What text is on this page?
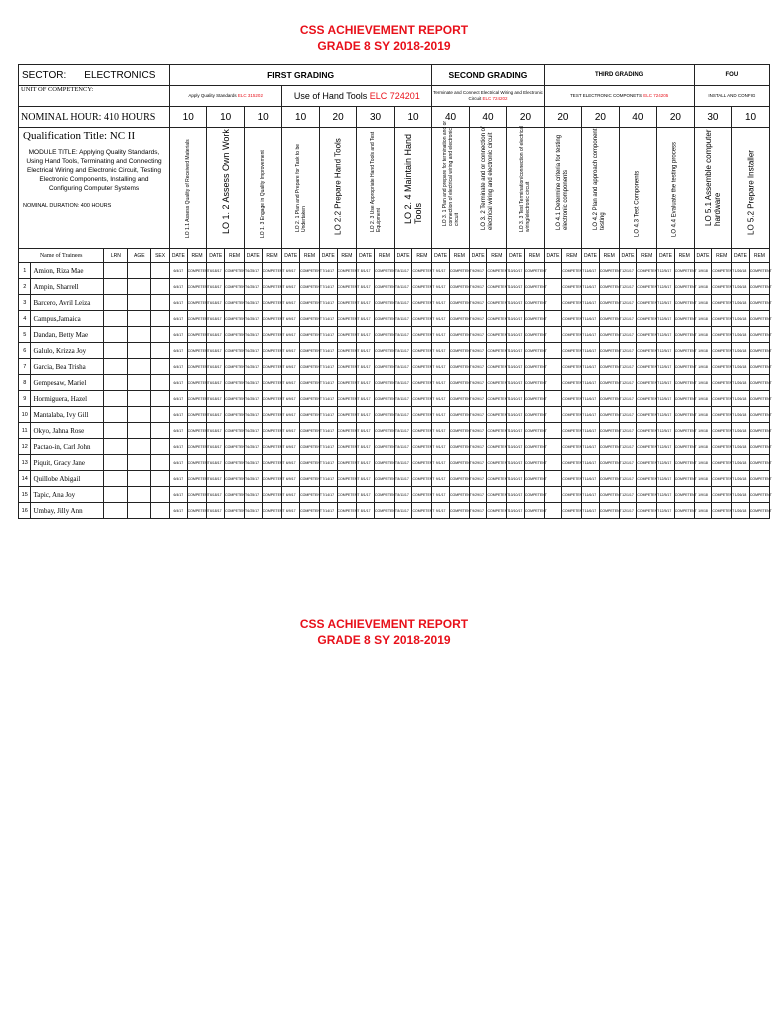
CSS ACHIEVEMENT REPORT
GRADE 8 SY 2018-2019
SECTOR: ELECTRONICS					FIRST GRADING														SECOND GRADING						THIRD GRADING								FOU			
UNIT OF COMPETENCY:					Apply Quality Standards ELC 315202						Use of Hand Tools ELC 724201								Terminate and Connect Electrical Wiring and Electronic Circuit ELC 724202						TEST ELECTRONIC COMPONETS ELC 724205								INSTALL AND CONFIG			
NOMINAL HOUR: 410 HOURS					10		10		10		10		20		30		10		40		40		20		20		20		40		20		30		10	

Qualification Title: NC II
MODULE TITLE: Applying Quality Standards, Using Hand Tools, Terminating and Connecting Electrical Wiring and Electronic Circuit, Testing Electronic Components, Installing and Configuring Computer Systems
NOMINAL DURATION: 400 HOURS					LO 1.1 Assess Quality of Received Materials		LO 1. 2 Assess Own Work		LO 1. 3 Engage in Quality Improvement		LO 2. 1 Plan and Prepare for Task to be Undertaken		LO 2.2 Prepare Hand Tools		LO 2. 3 Use Appropriate Hand Tools and Test Equipment		LO 2. 4 Maintain Hand Tools		LO 3. 1 Plan and prepare for termination and or connection of electrical wiring and electronic circuit		LO 3. 2 Terminate and or connection of electrical wiring and electronic circuit		LO 3. 3 Test Termination/connection of electrical wiring/electronic circuit		LO 4.1 Determine criteria for testing electronic components		LO 4.2 Plan and approach component testing		LO 4.3 Test Components		LO 4.4 Evaluate the testing process		LO 5.1 Assemble computer hardware		LO 5.2 Prepare Installer	

Name of Trainees		LRN	AGE	SEX	DATE	REM	DATE	REM	DATE	REM	DATE	REM	DATE	REM	DATE	REM	DATE	REM	DATE	REM	DATE	REM	DATE	REM	DATE	REM	DATE	REM	DATE	REM	DATE	REM	DATE	REM	DATE	REM
1	Amion, Riza Mae				6/4/17	COMPETENT	6/18/17	COMPETENT	6/25/17	COMPETENT	6/9/17	COMPETENT	7/14/17	COMPETENT	8/1/17	COMPETENT	8/11/17	COMPETENT	9/1/17	COMPETENT	9/29/17	COMPETENT	10/10/17	COMPETENT		COMPETENT	11/6/17	COMPETENT	12/1/17	COMPETENT	12/5/17	COMPETENT	1/9/18	COMPETENT	1/26/18	COMPETENT
2	Ampin, Sharrell				6/4/17	COMPETENT	6/18/17	COMPETENT	6/25/17	COMPETENT	6/9/17	COMPETENT	7/14/17	COMPETENT	8/1/17	COMPETENT	8/11/17	COMPETENT	9/1/17	COMPETENT	9/29/17	COMPETENT	10/10/17	COMPETENT		COMPETENT	11/6/17	COMPETENT	12/1/17	COMPETENT	12/5/17	COMPETENT	1/9/18	COMPETENT	1/26/18	COMPETENT
3	Barcero, Avril Leiza				6/4/17	COMPETENT	6/18/17	COMPETENT	6/25/17	COMPETENT	6/9/17	COMPETENT	7/14/17	COMPETENT	8/1/17	COMPETENT	8/11/17	COMPETENT	9/1/17	COMPETENT	9/29/17	COMPETENT	10/10/17	COMPETENT		COMPETENT	11/6/17	COMPETENT	12/1/17	COMPETENT	12/5/17	COMPETENT	1/9/18	COMPETENT	1/26/18	COMPETENT
4	Campus,Jamaica				6/4/17	COMPETENT	6/18/17	COMPETENT	6/25/17	COMPETENT	6/9/17	COMPETENT	7/14/17	COMPETENT	8/1/17	COMPETENT	8/11/17	COMPETENT	9/1/17	COMPETENT	9/29/17	COMPETENT	10/10/17	COMPETENT		COMPETENT	11/6/17	COMPETENT	12/1/17	COMPETENT	12/5/17	COMPETENT	1/9/18	COMPETENT	1/26/18	COMPETENT
5	Dandan, Betty Mae				6/4/17	COMPETENT	6/18/17	COMPETENT	6/25/17	COMPETENT	6/9/17	COMPETENT	7/14/17	COMPETENT	8/1/17	COMPETENT	8/11/17	COMPETENT	9/1/17	COMPETENT	9/29/17	COMPETENT	10/10/17	COMPETENT		COMPETENT	11/6/17	COMPETENT	12/1/17	COMPETENT	12/5/17	COMPETENT	1/9/18	COMPETENT	1/26/18	COMPETENT
6	Galulo, Krizza Joy				6/4/17	COMPETENT	6/18/17	COMPETENT	6/25/17	COMPETENT	6/9/17	COMPETENT	7/14/17	COMPETENT	8/1/17	COMPETENT	8/11/17	COMPETENT	9/1/17	COMPETENT	9/29/17	COMPETENT	10/10/17	COMPETENT		COMPETENT	11/6/17	COMPETENT	12/1/17	COMPETENT	12/5/17	COMPETENT	1/9/18	COMPETENT	1/26/18	COMPETENT
7	Garcia, Bea Trisha				6/4/17	COMPETENT	6/18/17	COMPETENT	6/25/17	COMPETENT	6/9/17	COMPETENT	7/14/17	COMPETENT	8/1/17	COMPETENT	8/11/17	COMPETENT	9/1/17	COMPETENT	9/29/17	COMPETENT	10/10/17	COMPETENT		COMPETENT	11/6/17	COMPETENT	12/1/17	COMPETENT	12/5/17	COMPETENT	1/9/18	COMPETENT	1/26/18	COMPETENT
8	Gempesaw, Mariel				6/4/17	COMPETENT	6/18/17	COMPETENT	6/25/17	COMPETENT	6/9/17	COMPETENT	7/14/17	COMPETENT	8/1/17	COMPETENT	8/11/17	COMPETENT	9/1/17	COMPETENT	9/29/17	COMPETENT	10/10/17	COMPETENT		COMPETENT	11/6/17	COMPETENT	12/1/17	COMPETENT	12/5/17	COMPETENT	1/9/18	COMPETENT	1/26/18	COMPETENT
9	Hormiguera, Hazel				6/4/17	COMPETENT	6/18/17	COMPETENT	6/25/17	COMPETENT	6/9/17	COMPETENT	7/14/17	COMPETENT	8/1/17	COMPETENT	8/11/17	COMPETENT	9/1/17	COMPETENT	9/29/17	COMPETENT	10/10/17	COMPETENT		COMPETENT	11/6/17	COMPETENT	12/1/17	COMPETENT	12/5/17	COMPETENT	1/9/18	COMPETENT	1/26/18	COMPETENT
10	Mantalaba, Ivy Gill				6/4/17	COMPETENT	6/18/17	COMPETENT	6/25/17	COMPETENT	6/9/17	COMPETENT	7/14/17	COMPETENT	8/1/17	COMPETENT	8/11/17	COMPETENT	9/1/17	COMPETENT	9/29/17	COMPETENT	10/10/17	COMPETENT		COMPETENT	11/6/17	COMPETENT	12/1/17	COMPETENT	12/5/17	COMPETENT	1/9/18	COMPETENT	1/26/18	COMPETENT
11	Okyo, Jahna Rose				6/4/17	COMPETENT	6/18/17	COMPETENT	6/25/17	COMPETENT	6/9/17	COMPETENT	7/14/17	COMPETENT	8/1/17	COMPETENT	8/11/17	COMPETENT	9/1/17	COMPETENT	9/29/17	COMPETENT	10/10/17	COMPETENT		COMPETENT	11/6/17	COMPETENT	12/1/17	COMPETENT	12/5/17	COMPETENT	1/9/18	COMPETENT	1/26/18	COMPETENT
12	Pactao-in, Carl John				6/4/17	COMPETENT	6/18/17	COMPETENT	6/25/17	COMPETENT	6/9/17	COMPETENT	7/14/17	COMPETENT	8/1/17	COMPETENT	8/11/17	COMPETENT	9/1/17	COMPETENT	9/29/17	COMPETENT	10/10/17	COMPETENT		COMPETENT	11/6/17	COMPETENT	12/1/17	COMPETENT	12/5/17	COMPETENT	1/9/18	COMPETENT	1/26/18	COMPETENT
13	Piquit, Gracy Jane				6/4/17	COMPETENT	6/18/17	COMPETENT	6/25/17	COMPETENT	6/9/17	COMPETENT	7/14/17	COMPETENT	8/1/17	COMPETENT	8/11/17	COMPETENT	9/1/17	COMPETENT	9/29/17	COMPETENT	10/10/17	COMPETENT		COMPETENT	11/6/17	COMPETENT	12/1/17	COMPETENT	12/5/17	COMPETENT	1/9/18	COMPETENT	1/26/18	COMPETENT
14	Quillobe Abigail				6/4/17	COMPETENT	6/18/17	COMPETENT	6/25/17	COMPETENT	6/9/17	COMPETENT	7/14/17	COMPETENT	8/1/17	COMPETENT	8/11/17	COMPETENT	9/1/17	COMPETENT	9/29/17	COMPETENT	10/10/17	COMPETENT		COMPETENT	11/6/17	COMPETENT	12/1/17	COMPETENT	12/5/17	COMPETENT	1/9/18	COMPETENT	1/26/18	COMPETENT
15	Tapic, Ana Joy				6/4/17	COMPETENT	6/18/17	COMPETENT	6/25/17	COMPETENT	6/9/17	COMPETENT	7/14/17	COMPETENT	8/1/17	COMPETENT	8/11/17	COMPETENT	9/1/17	COMPETENT	9/29/17	COMPETENT	10/10/17	COMPETENT		COMPETENT	11/6/17	COMPETENT	12/1/17	COMPETENT	12/5/17	COMPETENT	1/9/18	COMPETENT	1/26/18	COMPETENT
16	Umbay, Jilly Ann				6/4/17	COMPETENT	6/18/17	COMPETENT	6/25/17	COMPETENT	6/9/17	COMPETENT	7/14/17	COMPETENT	8/1/17	COMPETENT	8/11/17	COMPETENT	9/1/17	COMPETENT	9/29/17	COMPETENT	10/10/17	COMPETENT		COMPETENT	11/6/17	COMPETENT	12/1/17	COMPETENT	12/5/17	COMPETENT	1/9/18	COMPETENT	1/26/18	COMPETENT
CSS ACHIEVEMENT REPORT
GRADE 8 SY 2018-2019
